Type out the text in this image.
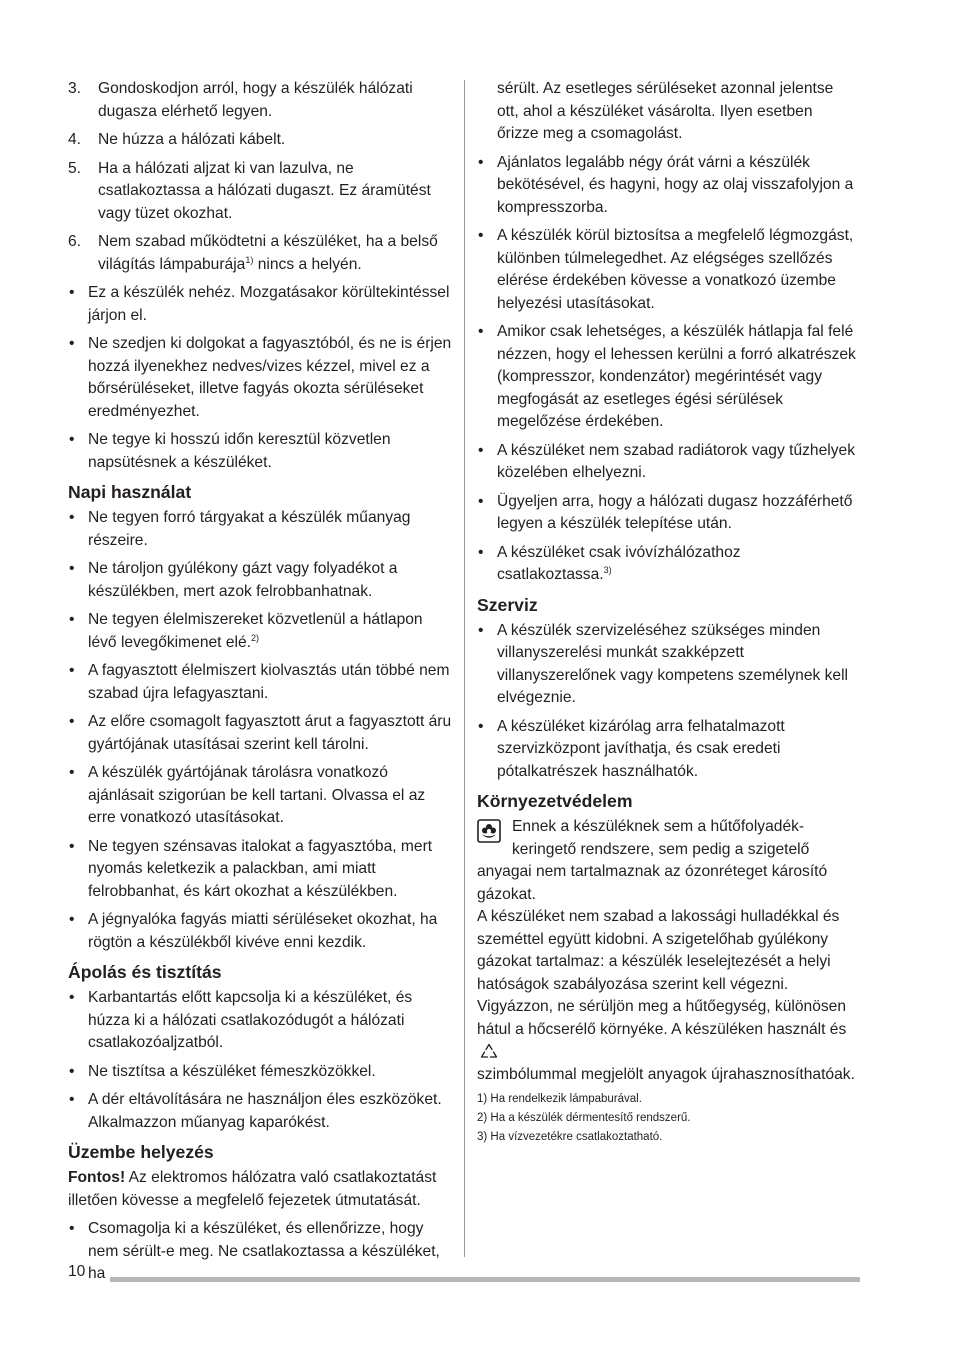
3. Gondoskodjon arról, hogy a készülék hálózati dugasza elérhető legyen.
4. Ne húzza a hálózati kábelt.
5. Ha a hálózati aljzat ki van lazulva, ne csatlakoztassa a hálózati dugaszt. Ez áramütést vagy tüzet okozhat.
6. Nem szabad működtetni a készüléket, ha a belső világítás lámpaburája$^{1)}$ nincs a helyén.
• Ez a készülék nehéz. Mozgatásakor körültekintéssel járjon el.
• Ne szedjen ki dolgokat a fagyasztóból, és ne is érjen hozzá ilyenekhez nedves/vizes kézzel, mivel ez a bőrsérüléseket, illetve fagyás okozta sérüléseket eredményezhet.
• Ne tegye ki hosszú időn keresztül közvetlen napsütésnek a készüléket.
Napi használat
• Ne tegyen forró tárgyakat a készülék műanyag részeire.
• Ne tároljon gyúlékony gázt vagy folyadékot a készülékben, mert azok felrobbanhatnak.
• Ne tegyen élelmiszereket közvetlenül a hátlapon lévő levegőkimenet elé.$^{2)}$
• A fagyasztott élelmiszert kiolvasztás után többé nem szabad újra lefagyasztani.
• Az előre csomagolt fagyasztott árut a fagyasztott áru gyártójának utasításai szerint kell tárolni.
• A készülék gyártójának tárolásra vonatkozó ajánlásait szigorúan be kell tartani. Olvassa el az erre vonatkozó utasításokat.
• Ne tegyen szénsavas italokat a fagyasztóba, mert nyomás keletkezik a palackban, ami miatt felrobbanhat, és kárt okozhat a készülékben.
• A jégnyalóka fagyás miatti sérüléseket okozhat, ha rögtön a készülékből kivéve enni kezdik.
Ápolás és tisztítás
• Karbantartás előtt kapcsolja ki a készüléket, és húzza ki a hálózati csatlakozódugót a hálózati csatlakozóaljzatból.
• Ne tisztítsa a készüléket fémeszközökkel.
• A dér eltávolítására ne használjon éles eszközöket. Alkalmazzon műanyag kaparókést.
Üzembe helyezés

Fontos! Az elektromos hálózatra való csatlakoztatást illetően kövesse a megfelelő fejezetek útmutatását.

• Csomagolja ki a készüléket, és ellenőrizze, hogy nem sérült-e meg. Ne csatlakoztassa a készüléket, ha
sérült. Az esetleges sérüléseket azonnal jelentse ott, ahol a készüléket vásárolta. Ilyen esetben őrizze meg a csomagolást.
• Ajánlatos legalább négy órát várni a készülék bekötésével, és hagyni, hogy az olaj visszafolyjon a kompresszorba.
• A készülék körül biztosítsa a megfelelő légmozgást, különben túlmelegedhet. Az elégséges szellőzés elérése érdekében kövesse a vonatkozó üzembe helyezési utasításokat.
• Amikor csak lehetséges, a készülék hátlapja fal felé nézzen, hogy el lehessen kerülni a forró alkatrészek (kompresszor, kondenzátor) megérintését vagy megfogását az esetleges égési sérülések megelőzése érdekében.
• A készüléket nem szabad radiátorok vagy tűzhelyek közelében elhelyezni.
• Ügyeljen arra, hogy a hálózati dugasz hozzáférhető legyen a készülék telepítése után.
• A készüléket csak ivóvízhálózathoz csatlakoztassa.$^{3)}$
Szerviz
• A készülék szervizeléséhez szükséges minden villanyszerelési munkát szakképzett villanyszerelőnek vagy kompetens személynek kell elvégeznie.
• A készüléket kizárólag arra felhatalmazott szervizközpont javíthatja, és csak eredeti pótalkatrészek használhatók.
Környezetvédelem

Ennek a készüléknek sem a hűtőfolyadék-keringető rendszere, sem pedig a szigetelő anyagai nem tartalmaznak az ózonréteget károsító gázokat.

A készüléket nem szabad a lakossági hulladékkal és szeméttel együtt kidobni. A szigetelőhab gyúlékony gázokat tartalmaz: a készülék leselejtezését a helyi hatóságok szabályozása szerint kell végezni. Vigyázzon, ne sérüljön meg a hűtőegység, különösen hátul a hőcserélő környéke. A készüléken használt és
szimbólummal megjelölt anyagok újrahasznosíthatóak.

1) Ha rendelkezik lámpaburával.

2) Ha a készülék dérmentesítő rendszerű.

3) Ha vízvezetékre csatlakoztatható.

10
